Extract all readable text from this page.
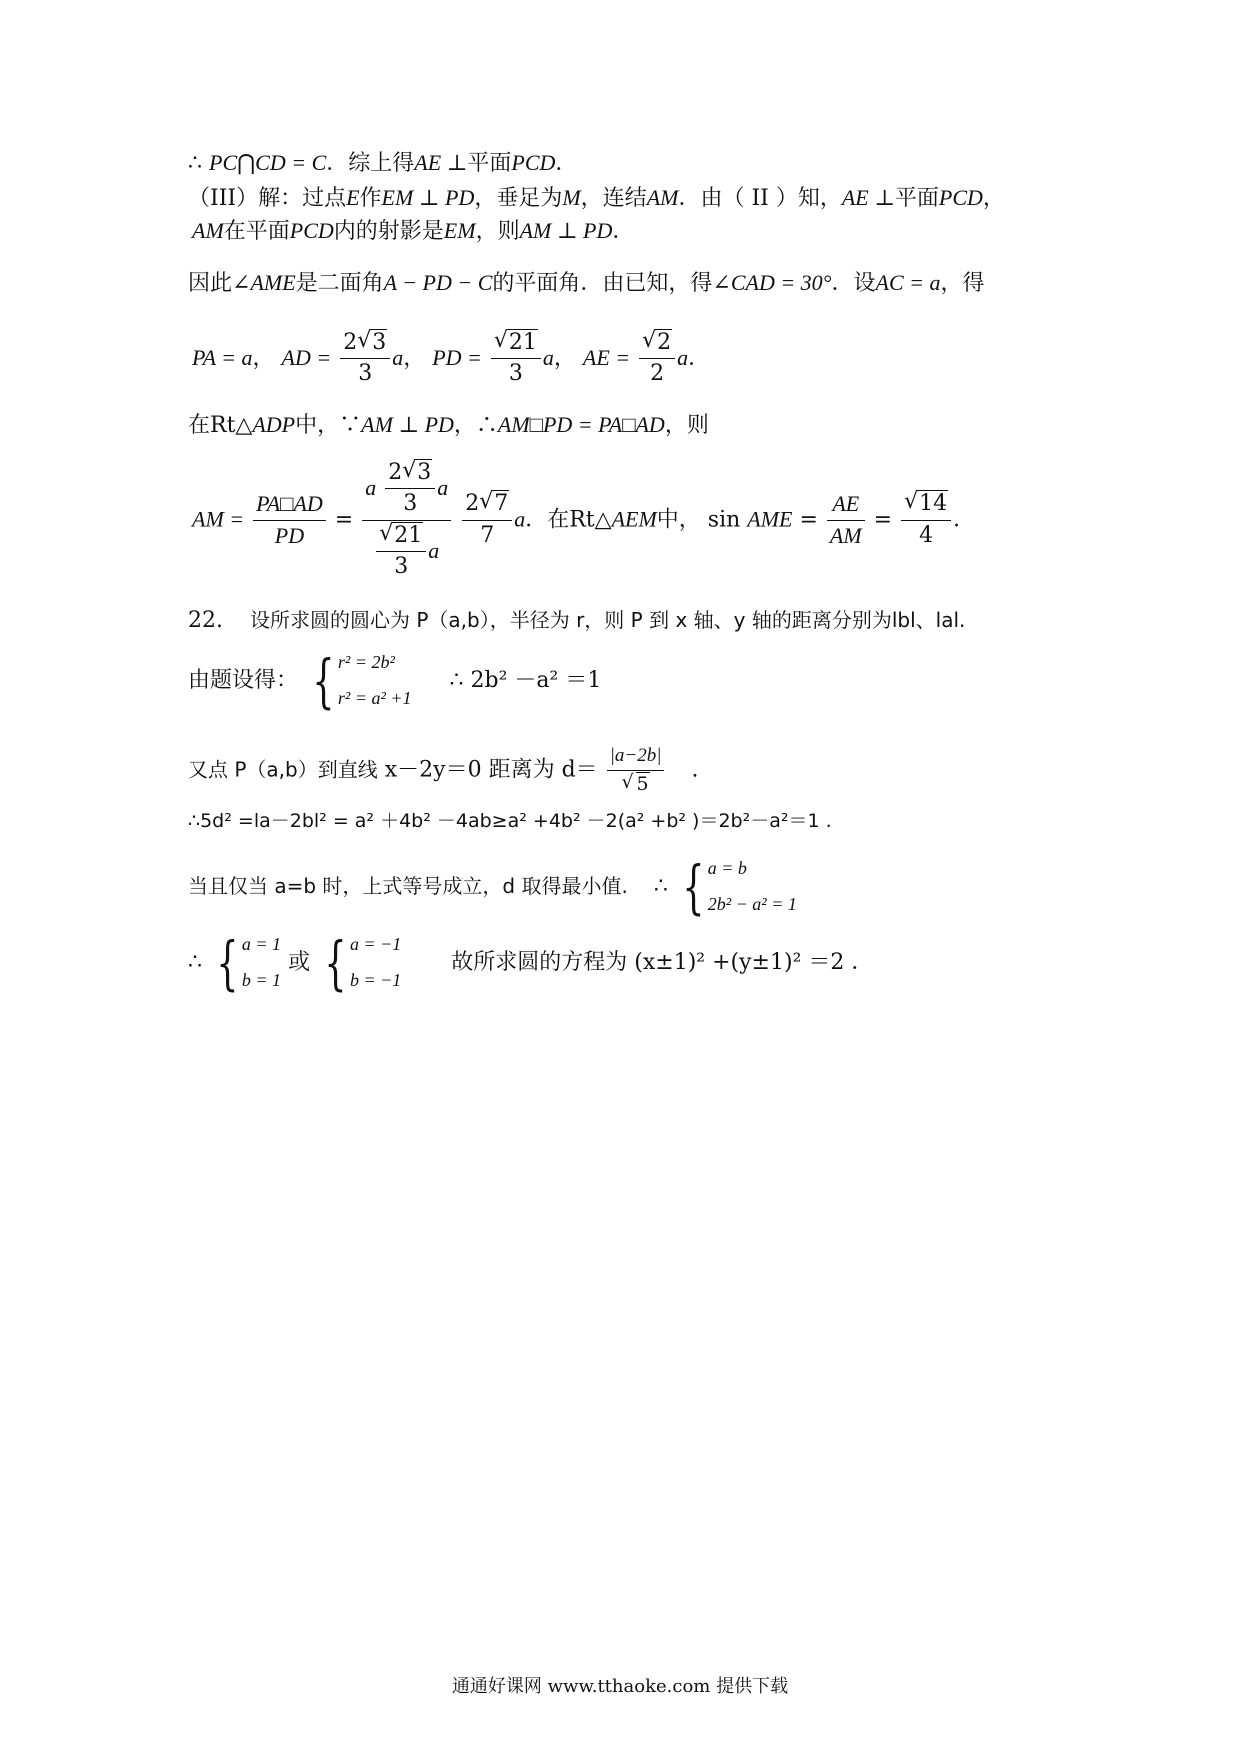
∴ PC⋂CD = C．综上得AE ⊥平面PCD．
（III）解：过点E作EM ⊥ PD，垂足为M，连结AM．由（ II ）知，AE ⊥平面PCD，
AM在平面PCD内的射影是EM，则AM ⊥ PD．
因此∠AME是二面角A − PD − C的平面角．由已知，得∠CAD = 30°．设AC = a，得
PA = a， AD = $\frac{2 √ 3}{3}$ a， PD = √ $\frac{21}{3}$ a， AE = √ $\frac{2}{2}$ a．
在Rt△ADP中，∵AM ⊥ PD，∴AM□PD = PA□AD，则
AM = $\frac{PA□AD}{PD} = a \frac{2 √ 3}{3}$ a
√ $\frac{21}{3}$ a
$\frac{2 √ 7}{7}$ a．在Rt△AEM中， sin AME = $\frac{AE}{AM}$ = √ $\frac{14}{4}$ ．
22. 设所求圆的圆心为 P（a,b），半径为 r，则 P 到 x 轴、y 轴的距离分别为lbl、lal.
由题设得： { r² = 2b²
r² = a² +1
∴ 2b² －a² ＝1
又点 P（a,b）到直线 x－2y＝0 距离为 d＝ |a−2b|
√ 5 .
∴5d² =la－2bl² = a² ＋4b² －4ab≥a² +4b² －2(a² +b² )＝2b²－a²＝1 .
当且仅当 a=b 时，上式等号成立，d 取得最小值. ∴ { a = b
2b² − a² = 1
∴ { a = 1
b = 1
或 { a = −1
b = −1
故所求圆的方程为 (x±1)² +(y±1)² ＝2 ．
通通好课网 www.tthaoke.com 提供下载
